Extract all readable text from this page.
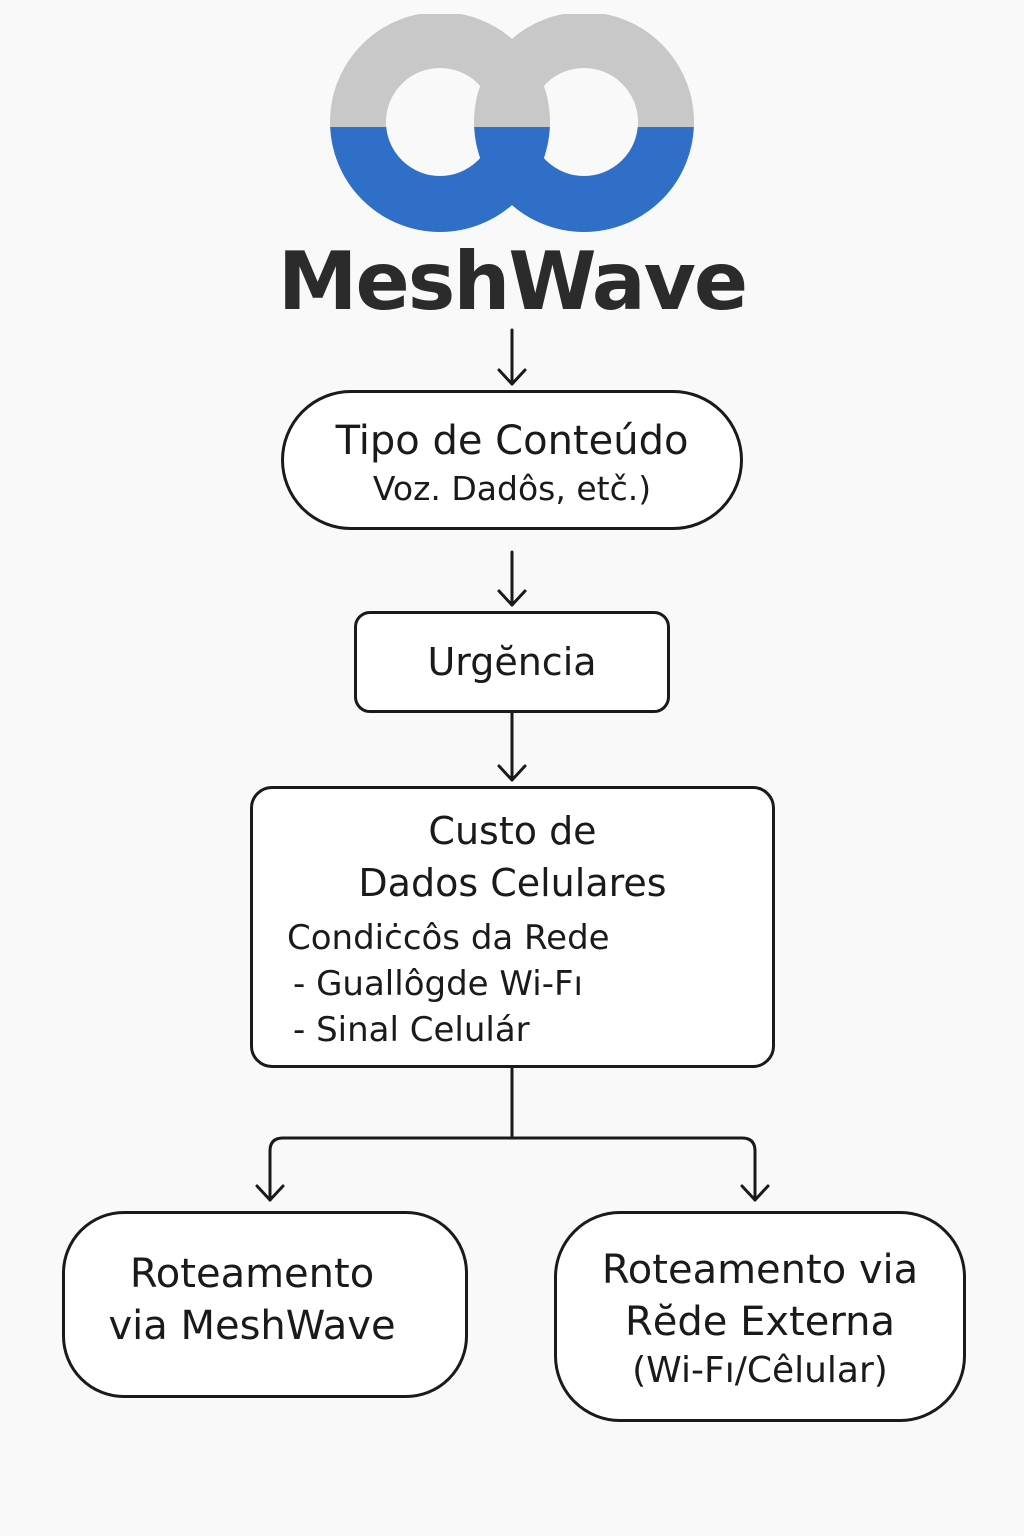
MeshWave
Tipo de Conteúdo
Voz. Dadôs, etč.)
Urgĕncia
Custo de
Dados Celulares
Condiċcôs da Rede
- Guallôgde Wi-Fı
- Sinal Celulár
Roteamento
via MeshWave
Roteamento via
Rĕde Externa
(Wi-Fı/Cêlular)
